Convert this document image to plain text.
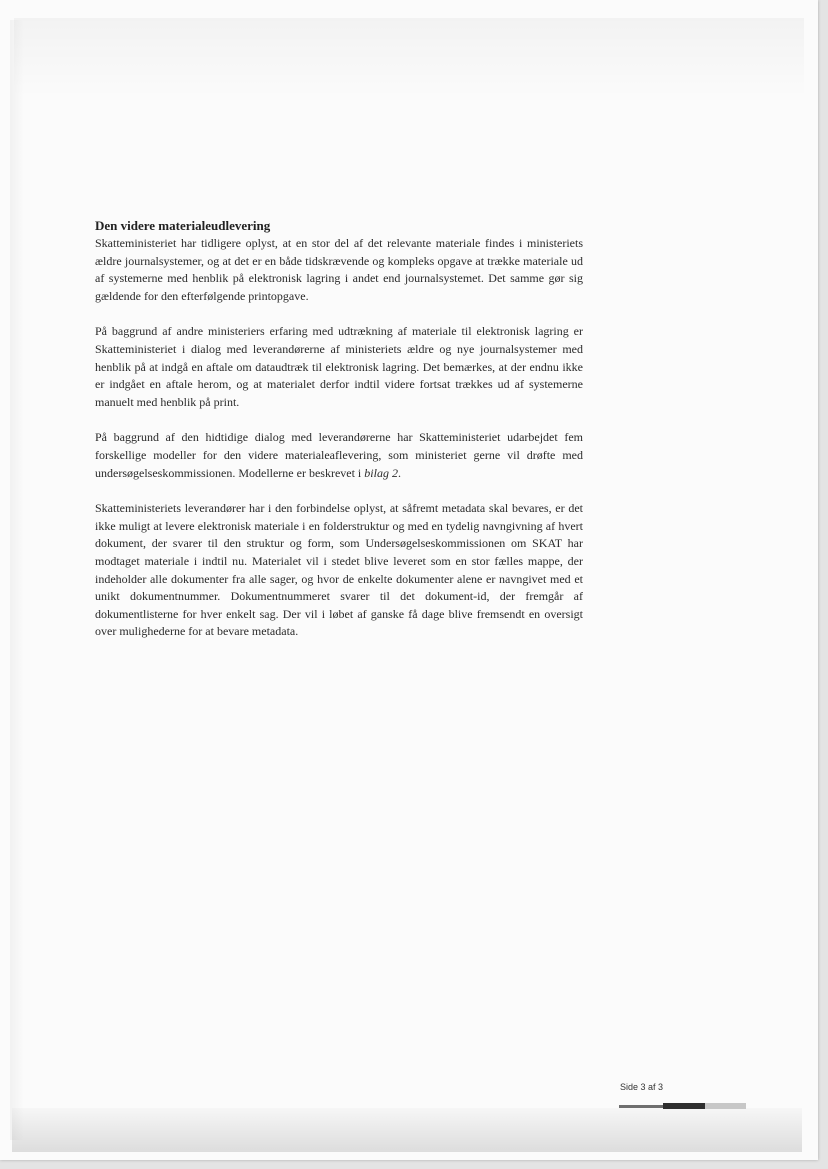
Den videre materialeudlevering

Skatteministeriet har tidligere oplyst, at en stor del af det relevante materiale findes i ministeriets ældre journalsystemer, og at det er en både tidskrævende og kompleks opgave at trække materiale ud af systemerne med henblik på elektronisk lagring i andet end journalsystemet. Det samme gør sig gældende for den efterfølgende printopgave.

På baggrund af andre ministeriers erfaring med udtrækning af materiale til elektronisk lagring er Skatteministeriet i dialog med leverandørerne af ministeriets ældre og nye journalsystemer med henblik på at indgå en aftale om dataudtræk til elektronisk lagring. Det bemærkes, at der endnu ikke er indgået en aftale herom, og at materialet derfor indtil videre fortsat trækkes ud af systemerne manuelt med henblik på print.

På baggrund af den hidtidige dialog med leverandørerne har Skatteministeriet udarbejdet fem forskellige modeller for den videre materialeaflevering, som ministeriet gerne vil drøfte med undersøgelseskommissionen. Modellerne er beskrevet i bilag 2.

Skatteministeriets leverandører har i den forbindelse oplyst, at såfremt metadata skal bevares, er det ikke muligt at levere elektronisk materiale i en folderstruktur og med en tydelig navngivning af hvert dokument, der svarer til den struktur og form, som Undersøgelseskommissionen om SKAT har modtaget materiale i indtil nu. Materialet vil i stedet blive leveret som en stor fælles mappe, der indeholder alle dokumenter fra alle sager, og hvor de enkelte dokumenter alene er navngivet med et unikt dokumentnummer. Dokumentnummeret svarer til det dokument-id, der fremgår af dokumentlisterne for hver enkelt sag. Der vil i løbet af ganske få dage blive fremsendt en oversigt over mulighederne for at bevare metadata.

Side 3 af 3
